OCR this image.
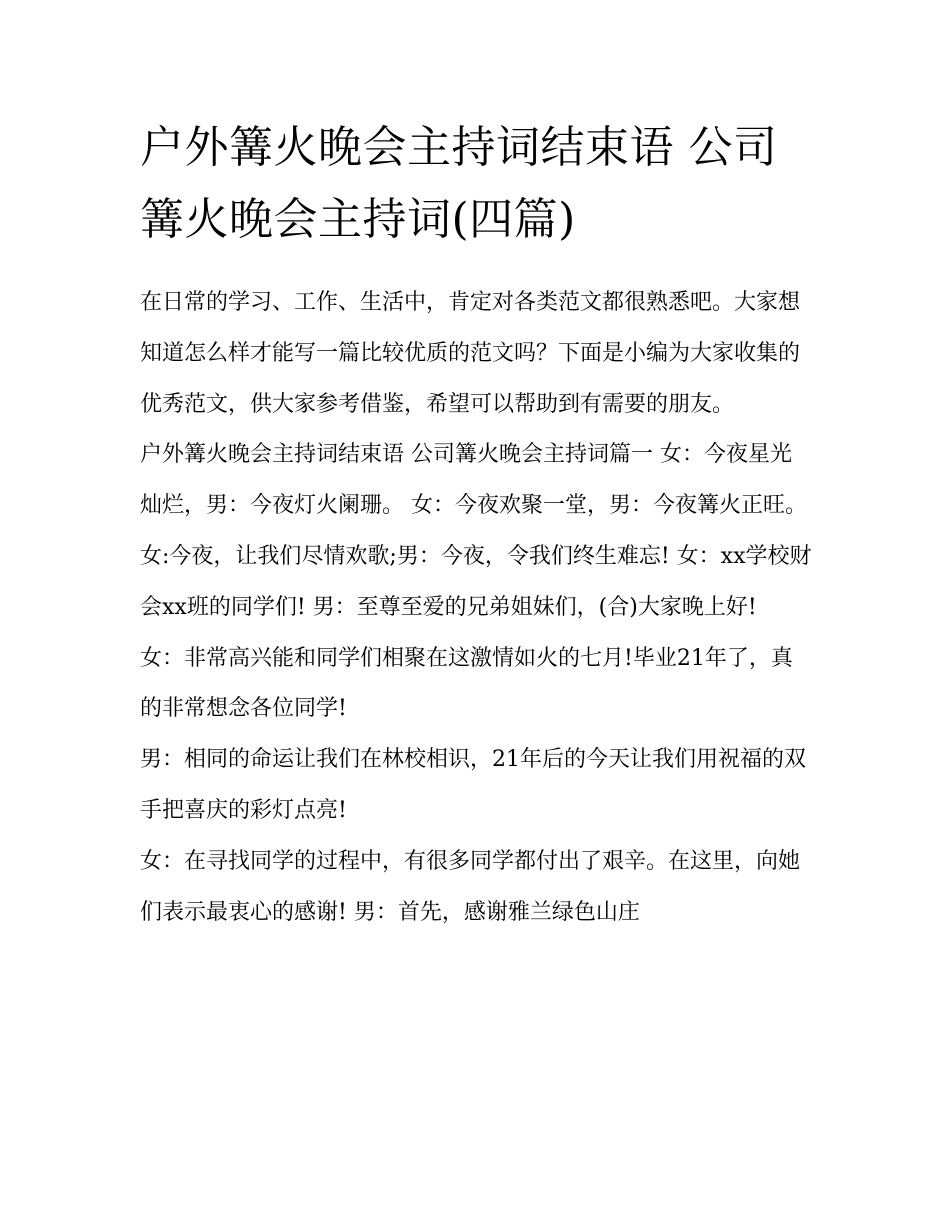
户外篝火晚会主持词结束语 公司篝火晚会主持词(四篇)

在日常的学习、工作、生活中，肯定对各类范文都很熟悉吧。大家想知道怎么样才能写一篇比较优质的范文吗？下面是小编为大家收集的优秀范文，供大家参考借鉴，希望可以帮助到有需要的朋友。

户外篝火晚会主持词结束语 公司篝火晚会主持词篇一 女：今夜星光灿烂，男：今夜灯火阑珊。 女：今夜欢聚一堂，男：今夜篝火正旺。

女:今夜，让我们尽情欢歌;男：今夜，令我们终生难忘! 女：xx学校财会xx班的同学们! 男：至尊至爱的兄弟姐妹们，(合)大家晚上好!

女：非常高兴能和同学们相聚在这激情如火的七月!毕业21年了，真的非常想念各位同学!

男：相同的命运让我们在林校相识，21年后的今天让我们用祝福的双手把喜庆的彩灯点亮!

女：在寻找同学的过程中，有很多同学都付出了艰辛。在这里，向她们表示最衷心的感谢! 男：首先，感谢雅兰绿色山庄
